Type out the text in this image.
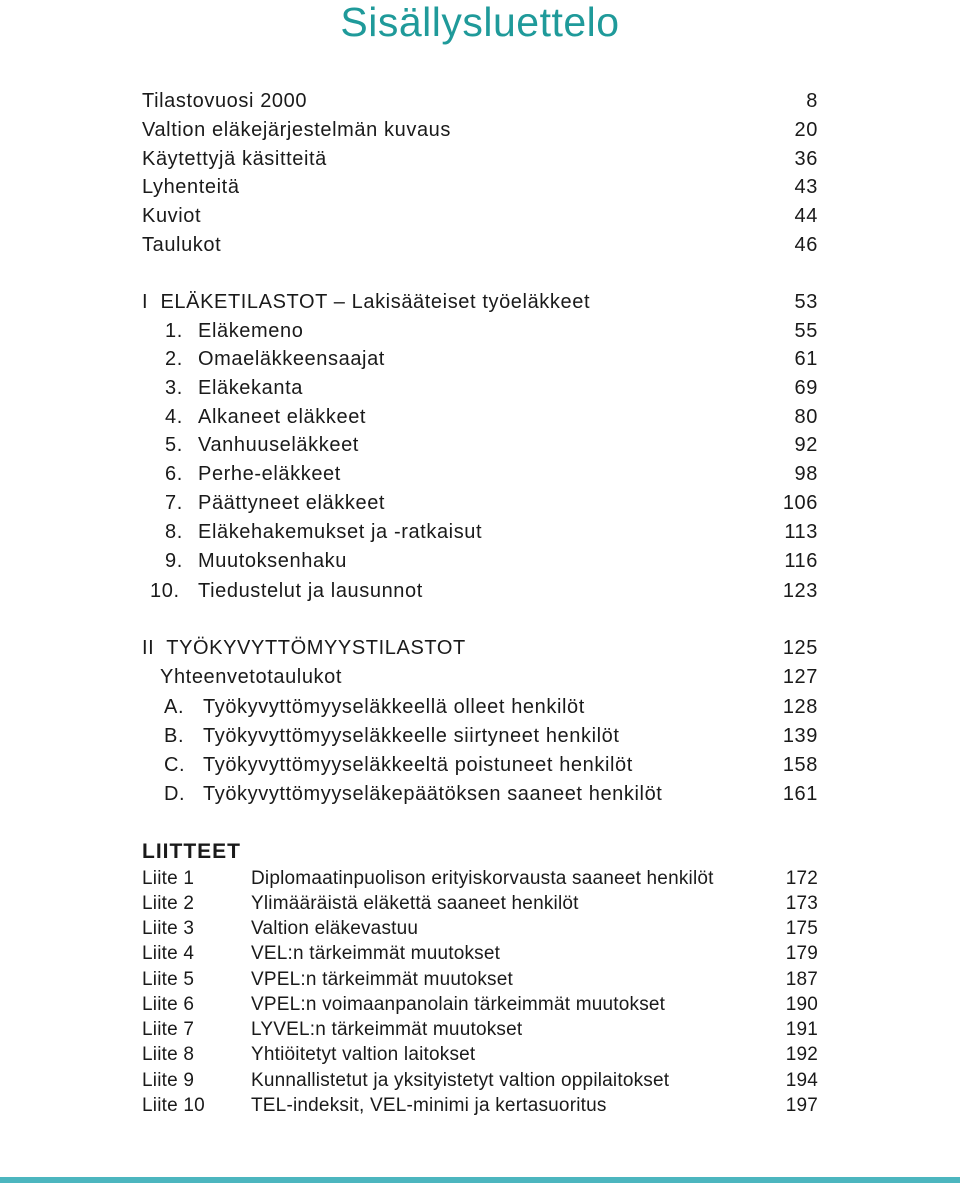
Sisällysluettelo
Tilastovuosi 2000	8
Valtion eläkejärjestelmän kuvaus	20
Käytettyjä käsitteitä	36
Lyhenteitä	43
Kuviot	44
Taulukot	46
I  ELÄKETILASTOT – Lakisääteiset työeläkkeet	53
1. Eläkemeno	55
2. Omaeläkkeensaajat	61
3. Eläkekanta	69
4. Alkaneet eläkkeet	80
5. Vanhuuseläkkeet	92
6. Perhe-eläkkeet	98
7. Päättyneet eläkkeet	106
8. Eläkehakemukset ja -ratkaisut	113
9. Muutoksenhaku	116
10. Tiedustelut ja lausunnot	123
II  TYÖKYVYTTÖMYYSTILASTOT	125
Yhteenvetotaulukot	127
A. Työkyvyttömyyseläkkeellä olleet henkilöt	128
B. Työkyvyttömyyseläkkeelle siirtyneet henkilöt	139
C. Työkyvyttömyyseläkkeeltä poistuneet henkilöt	158
D. Työkyvyttömyyseläkepäätöksen saaneet henkilöt	161
LIITTEET
Liite 1	Diplomaatinpuolison erityiskorvausta saaneet henkilöt	172
Liite 2	Ylimääräistä eläkettä saaneet henkilöt	173
Liite 3	Valtion eläkevastuu	175
Liite 4	VEL:n tärkeimmät muutokset	179
Liite 5	VPEL:n tärkeimmät muutokset	187
Liite 6	VPEL:n voimaanpanolain tärkeimmät muutokset	190
Liite 7	LYVEL:n tärkeimmät muutokset	191
Liite 8	Yhtiöitetyt valtion laitokset	192
Liite 9	Kunnallistetut ja yksityistetyt valtion oppilaitokset	194
Liite 10 TEL-indeksit, VEL-minimi ja kertasuoritus	197
